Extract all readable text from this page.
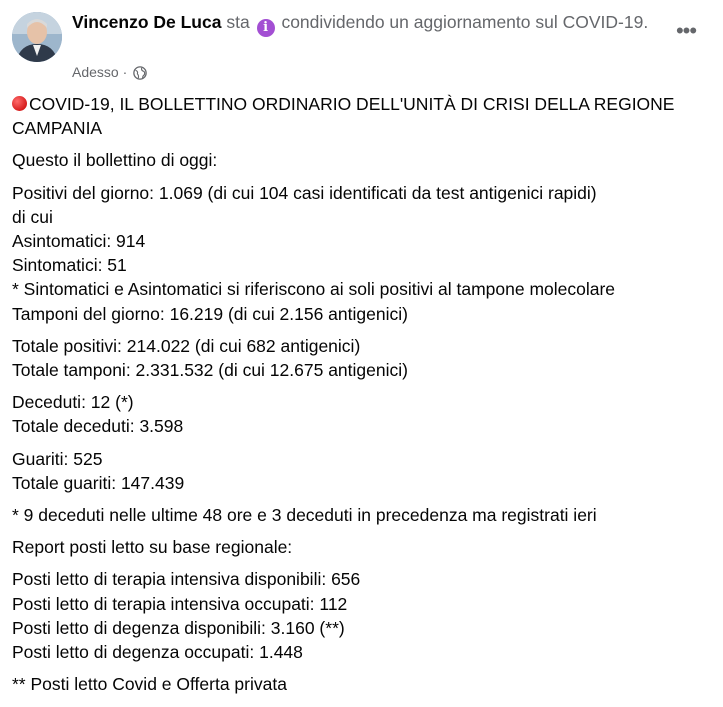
Vincenzo De Luca sta i condividendo un aggiornamento sul COVID-19.	•••
Adesso ·
COVID-19, IL BOLLETTINO ORDINARIO DELL'UNITÀ DI CRISI DELLA REGIONE CAMPANIA
Questo il bollettino di oggi:
Positivi del giorno: 1.069 (di cui 104 casi identificati da test antigenici rapidi)
di cui
Asintomatici: 914
Sintomatici: 51
* Sintomatici e Asintomatici si riferiscono ai soli positivi al tampone molecolare
Tamponi del giorno: 16.219 (di cui 2.156 antigenici)
Totale positivi: 214.022 (di cui 682 antigenici)
Totale tamponi: 2.331.532 (di cui 12.675 antigenici)
Deceduti: 12 (*)
Totale deceduti: 3.598
Guariti: 525
Totale guariti: 147.439
* 9 deceduti nelle ultime 48 ore e 3 deceduti in precedenza ma registrati ieri
Report posti letto su base regionale:
Posti letto di terapia intensiva disponibili: 656
Posti letto di terapia intensiva occupati: 112
Posti letto di degenza disponibili: 3.160 (**)
Posti letto di degenza occupati: 1.448
** Posti letto Covid e Offerta privata
